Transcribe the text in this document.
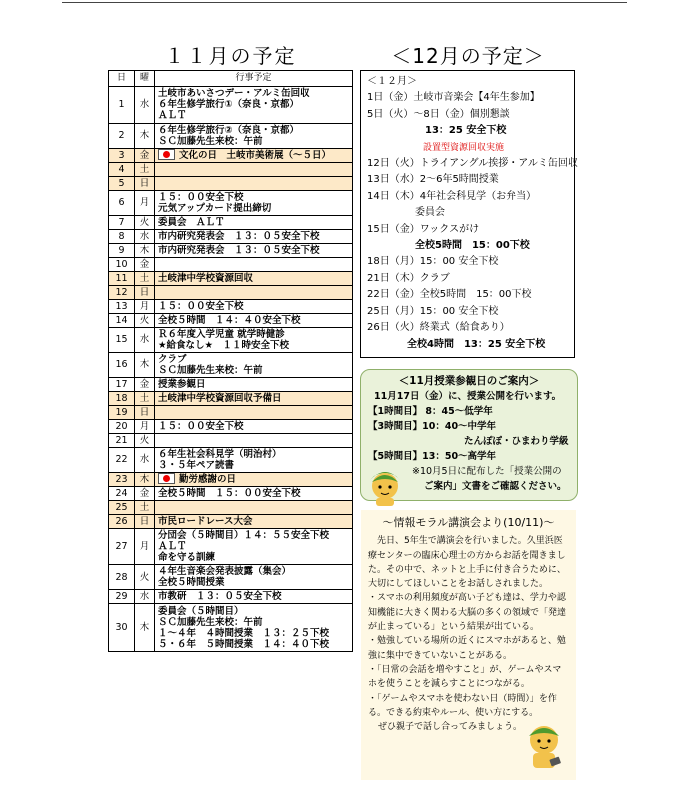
１１月の予定	＜12月の予定＞
日	曜	行事予定
1	水	土岐市あいさつデー・アルミ缶回収
６年生修学旅行①（奈良・京都）
ＡＬＴ

2	木	６年生修学旅行②（奈良・京都）
ＳＣ加藤先生来校：午前

3	金	文化の日　土岐市美術展（～５日）

4	土	
5	日	
6	月	１５：００安全下校
元気アップカード提出締切

7	火	委員会　ＡＬＴ

8	水	市内研究発表会　１３：０５安全下校

9	木	市内研究発表会　１３：０５安全下校

10	金	
11	土	土岐津中学校資源回収

12	日	
13	月	１５：００安全下校

14	火	全校５時間　１４：４０安全下校

15	水	Ｒ６年度入学児童 就学時健診
★給食なし★　１１時安全下校

16	木	クラブ
ＳＣ加藤先生来校：午前

17	金	授業参観日

18	土	土岐津中学校資源回収予備日

19	日	
20	月	１５：００安全下校

21	火	
22	水	６年生社会科見学（明治村）
３・５年ペア読書

23	木	勤労感謝の日

24	金	全校５時間　１５：００安全下校

25	土	
26	日	市民ロードレース大会

27	月	分団会（５時間目）１４：５５安全下校
ＡＬＴ
命を守る訓練

28	火	４年生音楽会発表披露（集会）
全校５時間授業

29	水	市教研　１３：０５安全下校

30	木	委員会（５時間目）
ＳＣ加藤先生来校：午前
１～４年　４時間授業　１３：２５下校
５・６年　５時間授業　１４：４０下校
＜１２月＞
1日（金）土岐市音楽会【4年生参加】
5日（火）～8日（金）個別懇談
13：25 安全下校
設置型資源回収実施
12日（火）トライアングル挨拶・アルミ缶回収
13日（水）2～6年5時間授業
14日（木）4年社会科見学（お弁当）
委員会
15日（金）ワックスがけ
全校5時間　15：00下校
18日（月）15：00 安全下校
21日（木）クラブ
22日（金）全校5時間　15：00下校
25日（月）15：00 安全下校
26日（火）終業式（給食あり）
全校4時間　13：25 安全下校
＜11月授業参観日のご案内＞
11月17日（金）に、授業公開を行います。
【1時間目】 8：45～低学年
【3時間目】10：40～中学年
たんぽぽ・ひまわり学級
【5時間目】13：50～高学年
※10月5日に配布した「授業公開の
ご案内」文書をご確認ください。
～情報モラル講演会より(10/11)～

先日、5年生で講演会を行いました。久里浜医療センターの臨床心理士の方からお話を聞きました。その中で、ネットと上手に付き合うために、大切にしてほしいことをお話しされました。

・スマホの利用頻度が高い子ども達は、学力や認知機能に大きく関わる大脳の多くの領域で「発達が止まっている」という結果が出ている。

・勉強している場所の近くにスマホがあると、勉強に集中できていないことがある。

・「日常の会話を増やすこと」が、ゲームやスマホを使うことを減らすことにつながる。

・「ゲームやスマホを使わない日（時間）」を作る。できる約束やルール、使い方にする。

ぜひ親子で話し合ってみましょう。
